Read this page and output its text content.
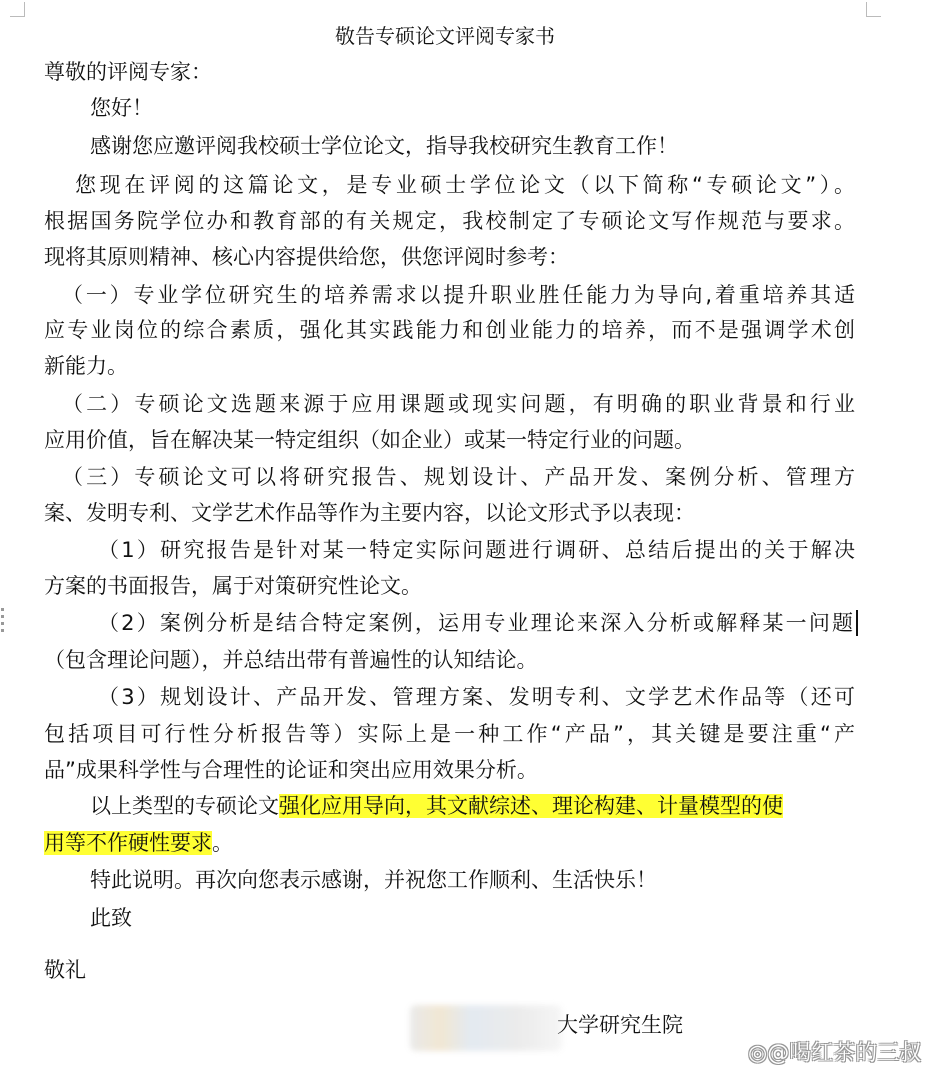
敬告专硕论文评阅专家书
尊敬的评阅专家：
您好！
感谢您应邀评阅我校硕士学位论文，指导我校研究生教育工作！
您现在评阅的这篇论文，是专业硕士学位论文（以下简称“专硕论文”）。
根据国务院学位办和教育部的有关规定，我校制定了专硕论文写作规范与要求。
现将其原则精神、核心内容提供给您，供您评阅时参考：
（一）专业学位研究生的培养需求以提升职业胜任能力为导向,着重培养其适
应专业岗位的综合素质，强化其实践能力和创业能力的培养，而不是强调学术创
新能力。
（二）专硕论文选题来源于应用课题或现实问题，有明确的职业背景和行业
应用价值，旨在解决某一特定组织（如企业）或某一特定行业的问题。
（三）专硕论文可以将研究报告、规划设计、产品开发、案例分析、管理方
案、发明专利、文学艺术作品等作为主要内容，以论文形式予以表现：
（1）研究报告是针对某一特定实际问题进行调研、总结后提出的关于解决
方案的书面报告，属于对策研究性论文。
（2）案例分析是结合特定案例，运用专业理论来深入分析或解释某一问题
（包含理论问题），并总结出带有普遍性的认知结论。
（3）规划设计、产品开发、管理方案、发明专利、文学艺术作品等（还可
包括项目可行性分析报告等）实际上是一种工作“产品”，其关键是要注重“产
品”成果科学性与合理性的论证和突出应用效果分析。
以上类型的专硕论文强化应用导向，其文献综述、理论构建、计量模型的使
用等不作硬性要求。
特此说明。再次向您表示感谢，并祝您工作顺利、生活快乐！
此致
敬礼
大学研究生院
◎@喝红茶的三叔
